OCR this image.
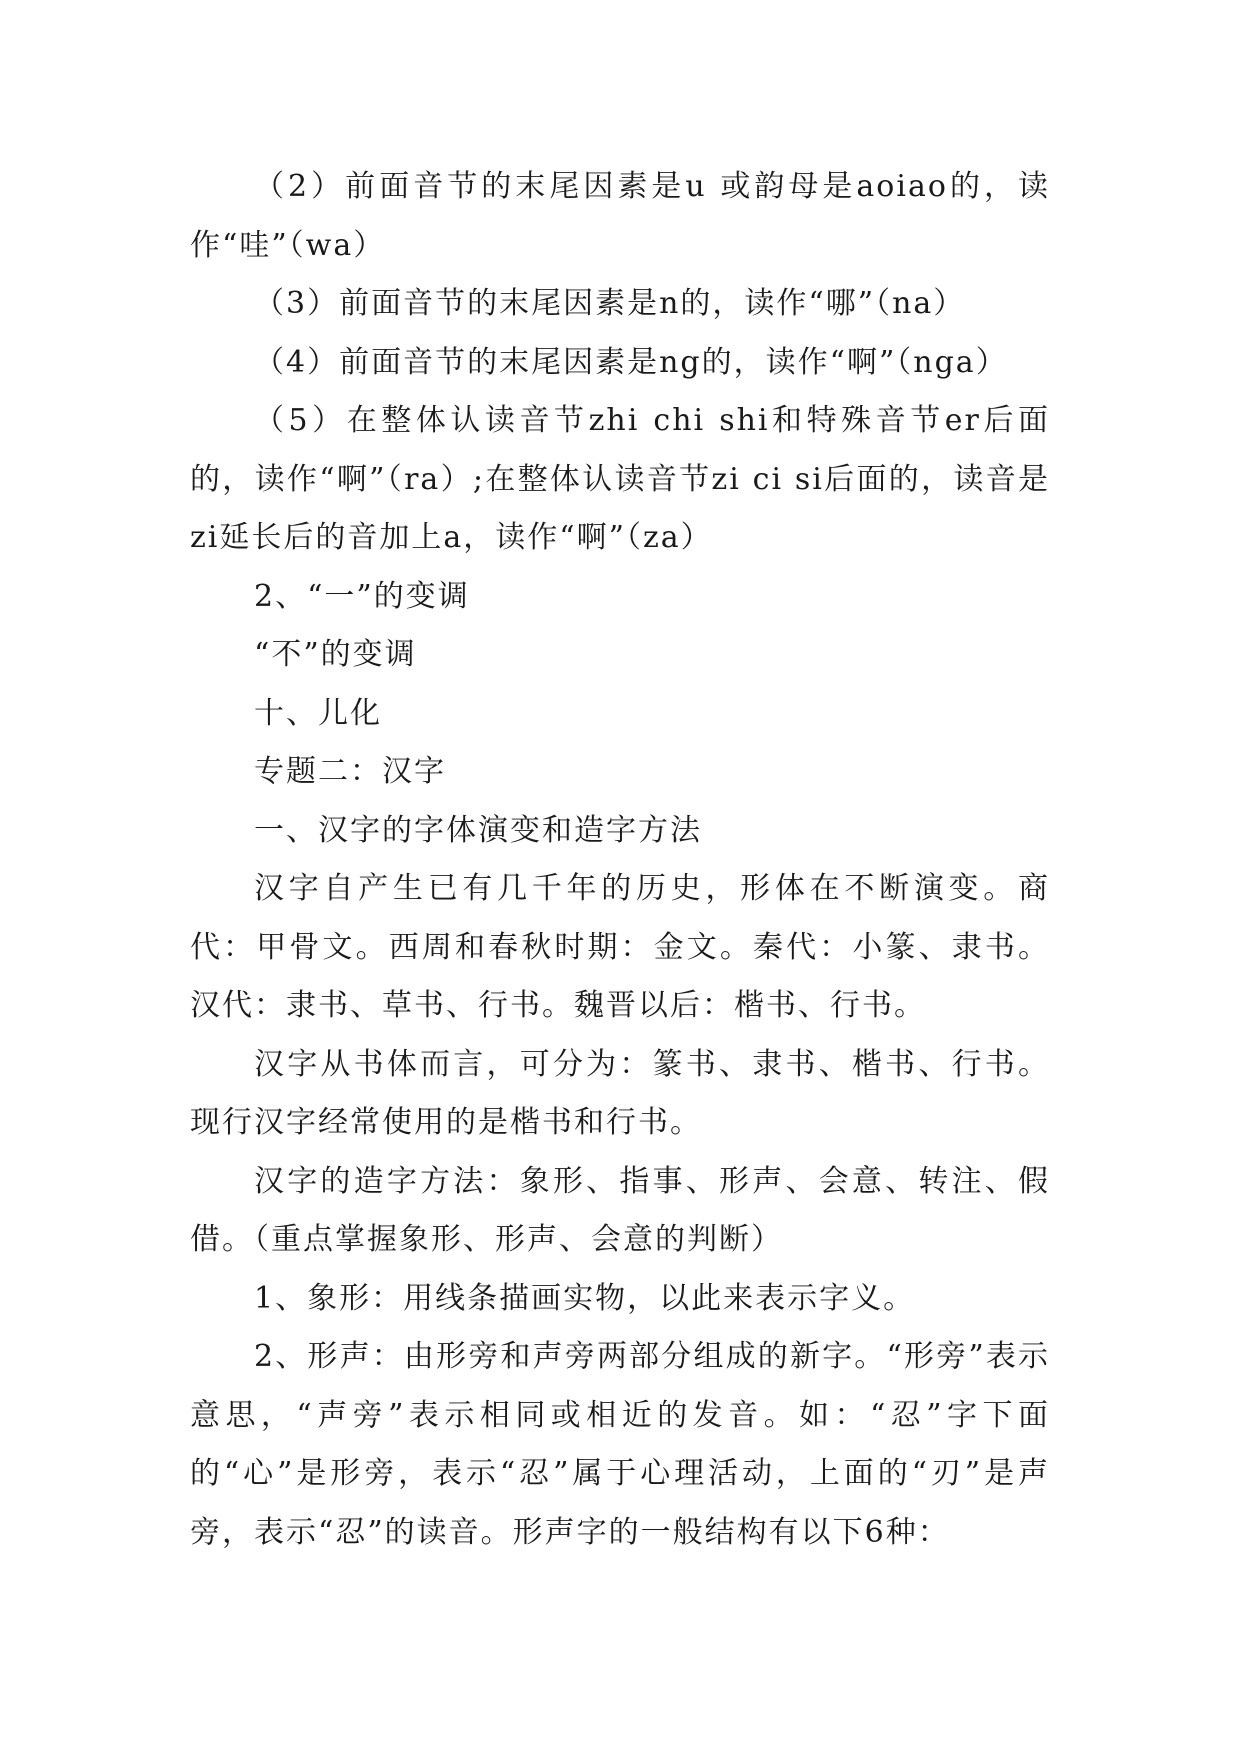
（2）前面音节的末尾因素是u 或韵母是aoiao的，读作“哇”（wa）

（3）前面音节的末尾因素是n的，读作“哪”（na）

（4）前面音节的末尾因素是ng的，读作“啊”（nga）

（5）在整体认读音节zhi chi shi和特殊音节er后面的，读作“啊”（ra）;在整体认读音节zi ci si后面的，读音是zi延长后的音加上a，读作“啊”（za）

2、“一”的变调

“不”的变调

十、儿化

专题二：汉字

一、汉字的字体演变和造字方法

汉字自产生已有几千年的历史，形体在不断演变。商代：甲骨文。西周和春秋时期：金文。秦代：小篆、隶书。汉代：隶书、草书、行书。魏晋以后：楷书、行书。

汉字从书体而言，可分为：篆书、隶书、楷书、行书。现行汉字经常使用的是楷书和行书。

汉字的造字方法：象形、指事、形声、会意、转注、假借。（重点掌握象形、形声、会意的判断）

1、象形：用线条描画实物，以此来表示字义。

2、形声：由形旁和声旁两部分组成的新字。“形旁”表示意思，“声旁”表示相同或相近的发音。如：“忍”字下面的“心”是形旁，表示“忍”属于心理活动，上面的“刃”是声旁，表示“忍”的读音。形声字的一般结构有以下6种：
